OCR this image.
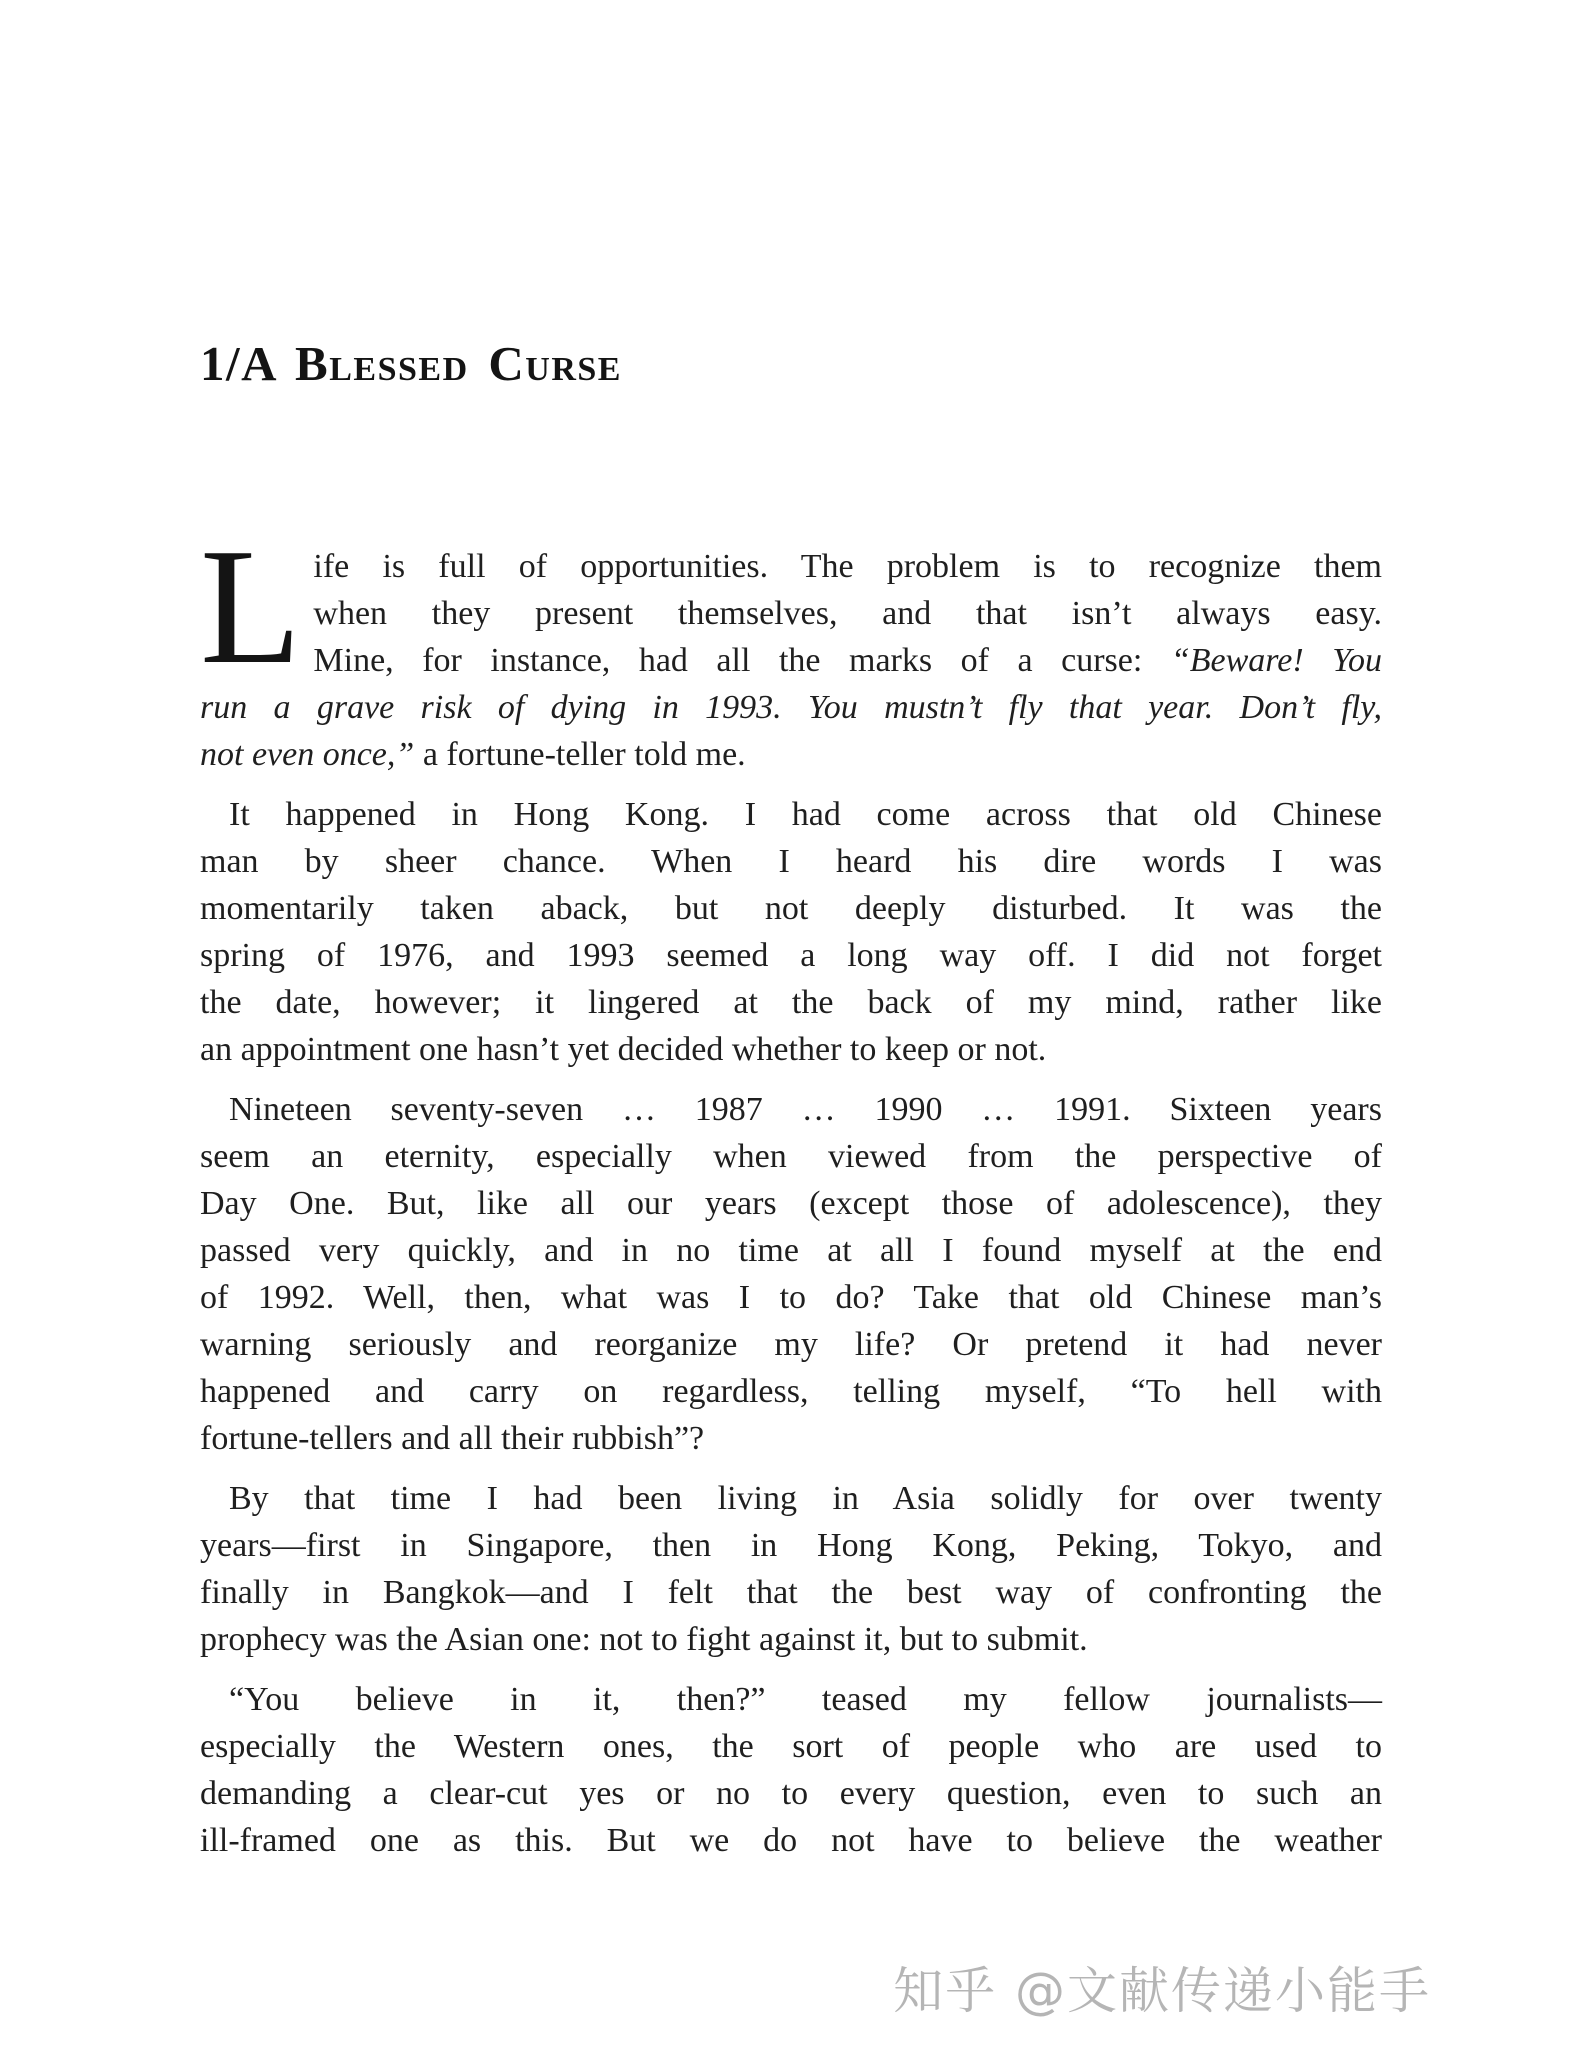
1/A Blessed Curse
L ife is full of opportunities. The problem is to recognize them
when they present themselves, and that isn’t always easy.
Mine, for instance, had all the marks of a curse: “Beware! You
run a grave risk of dying in 1993. You mustn’t fly that year. Don’t fly,
not even once,” a fortune-teller told me.
It happened in Hong Kong. I had come across that old Chinese
man by sheer chance. When I heard his dire words I was
momentarily taken aback, but not deeply disturbed. It was the
spring of 1976, and 1993 seemed a long way off. I did not forget
the date, however; it lingered at the back of my mind, rather like
an appointment one hasn’t yet decided whether to keep or not.
Nineteen seventy-seven … 1987 … 1990 … 1991. Sixteen years
seem an eternity, especially when viewed from the perspective of
Day One. But, like all our years (except those of adolescence), they
passed very quickly, and in no time at all I found myself at the end
of 1992. Well, then, what was I to do? Take that old Chinese man’s
warning seriously and reorganize my life? Or pretend it had never
happened and carry on regardless, telling myself, “To hell with
fortune-tellers and all their rubbish”?
By that time I had been living in Asia solidly for over twenty
years—first in Singapore, then in Hong Kong, Peking, Tokyo, and
finally in Bangkok—and I felt that the best way of confronting the
prophecy was the Asian one: not to fight against it, but to submit.
“You believe in it, then?” teased my fellow journalists—
especially the Western ones, the sort of people who are used to
demanding a clear-cut yes or no to every question, even to such an
ill-framed one as this. But we do not have to believe the weather
知乎 @文献传递小能手
